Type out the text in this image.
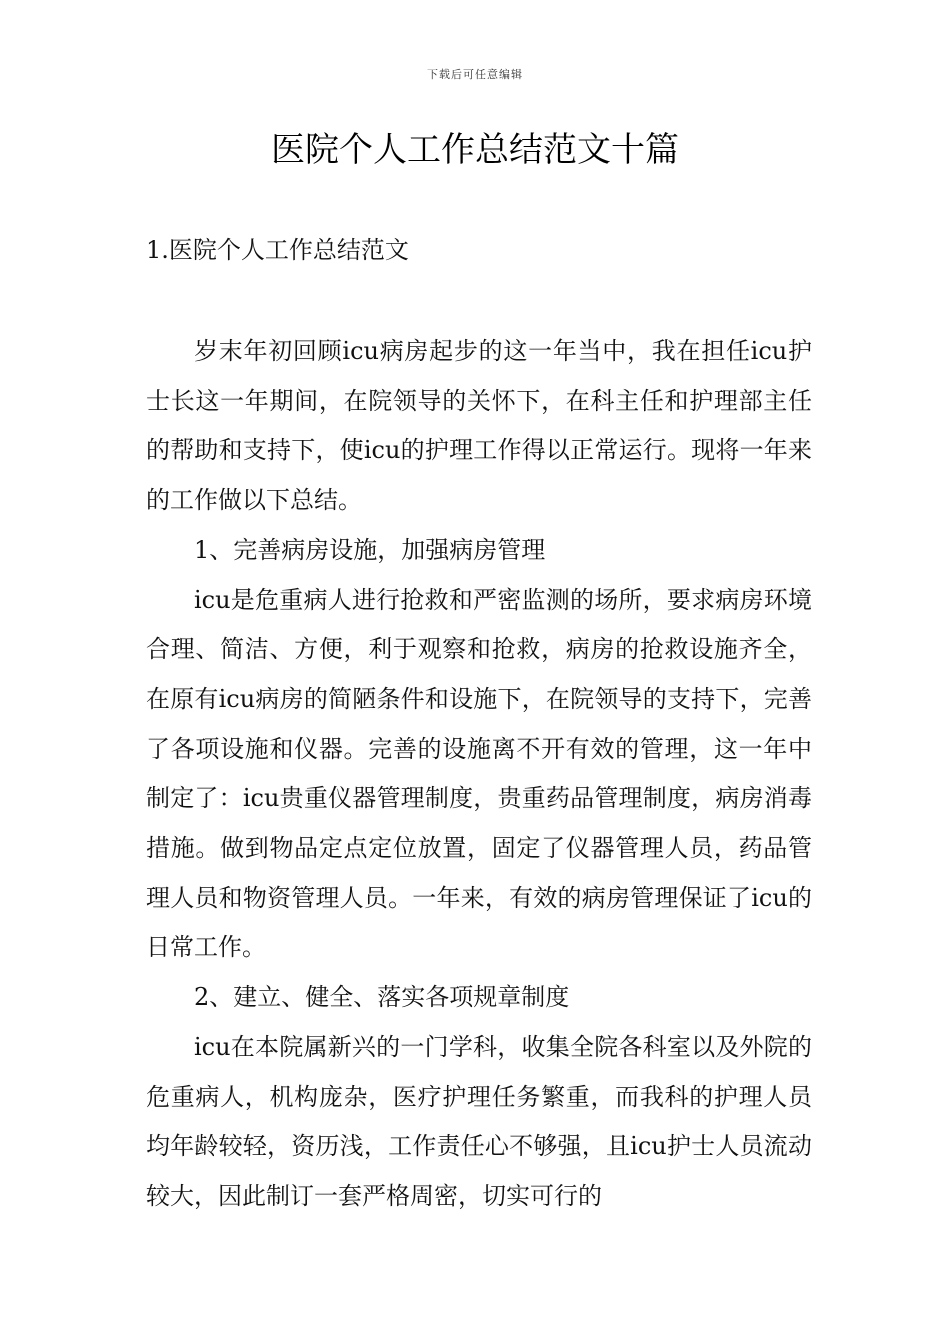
下载后可任意编辑
医院个人工作总结范文十篇
1.医院个人工作总结范文

岁末年初回顾icu病房起步的这一年当中，我在担任icu护士长这一年期间，在院领导的关怀下，在科主任和护理部主任的帮助和支持下，使icu的护理工作得以正常运行。现将一年来的工作做以下总结。

1、完善病房设施，加强病房管理

icu是危重病人进行抢救和严密监测的场所，要求病房环境合理、简洁、方便，利于观察和抢救，病房的抢救设施齐全，在原有icu病房的简陋条件和设施下，在院领导的支持下，完善了各项设施和仪器。完善的设施离不开有效的管理，这一年中制定了：icu贵重仪器管理制度，贵重药品管理制度，病房消毒措施。做到物品定点定位放置，固定了仪器管理人员，药品管理人员和物资管理人员。一年来，有效的病房管理保证了icu的日常工作。

2、建立、健全、落实各项规章制度

icu在本院属新兴的一门学科，收集全院各科室以及外院的危重病人，机构庞杂，医疗护理任务繁重，而我科的护理人员均年龄较轻，资历浅，工作责任心不够强，且icu护士人员流动较大，因此制订一套严格周密，切实可行的
